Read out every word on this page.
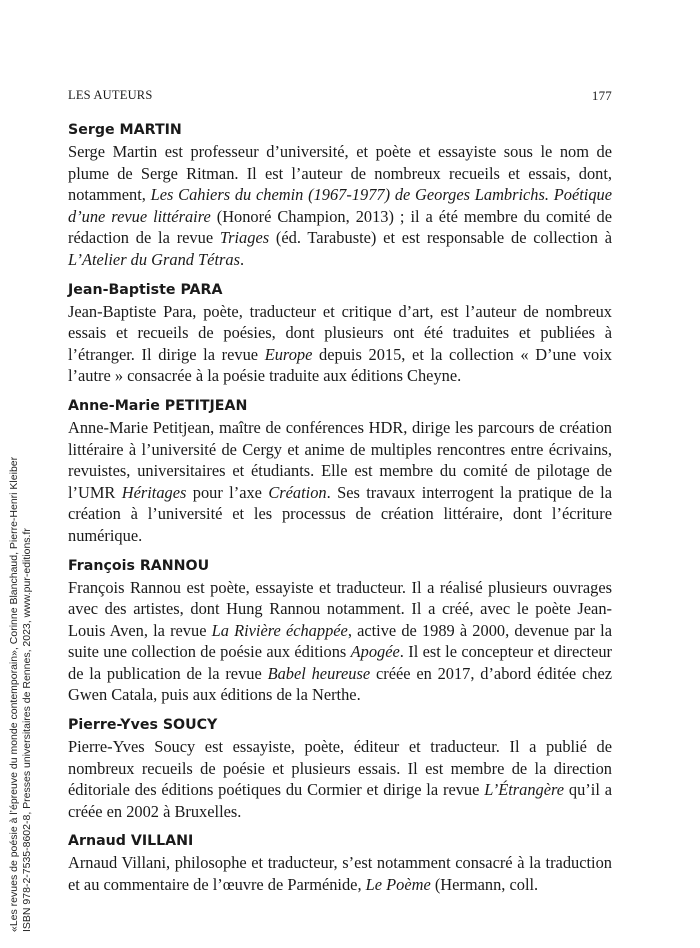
LES AUTEURS	177
Serge MARTIN
Serge Martin est professeur d’université, et poète et essayiste sous le nom de plume de Serge Ritman. Il est l’auteur de nombreux recueils et essais, dont, notamment, Les Cahiers du chemin (1967-1977) de Georges Lambrichs. Poétique d’une revue littéraire (Honoré Champion, 2013) ; il a été membre du comité de rédaction de la revue Triages (éd. Tarabuste) et est responsable de collection à L’Atelier du Grand Tétras.
Jean-Baptiste PARA
Jean-Baptiste Para, poète, traducteur et critique d’art, est l’auteur de nombreux essais et recueils de poésies, dont plusieurs ont été traduites et publiées à l’étranger. Il dirige la revue Europe depuis 2015, et la collection « D’une voix l’autre » consacrée à la poésie traduite aux éditions Cheyne.
Anne-Marie PETITJEAN
Anne-Marie Petitjean, maître de conférences HDR, dirige les parcours de création littéraire à l’université de Cergy et anime de multiples rencontres entre écrivains, revuistes, universitaires et étudiants. Elle est membre du comité de pilotage de l’UMR Héritages pour l’axe Création. Ses travaux interrogent la pratique de la création à l’université et les processus de création littéraire, dont l’écriture numérique.
François RANNOU
François Rannou est poète, essayiste et traducteur. Il a réalisé plusieurs ouvrages avec des artistes, dont Hung Rannou notamment. Il a créé, avec le poète Jean-Louis Aven, la revue La Rivière échappée, active de 1989 à 2000, devenue par la suite une collection de poésie aux éditions Apogée. Il est le concepteur et directeur de la publication de la revue Babel heureuse créée en 2017, d’abord éditée chez Gwen Catala, puis aux éditions de la Nerthe.
Pierre-Yves SOUCY
Pierre-Yves Soucy est essayiste, poète, éditeur et traducteur. Il a publié de nombreux recueils de poésie et plusieurs essais. Il est membre de la direction éditoriale des éditions poétiques du Cormier et dirige la revue L’Étrangère qu’il a créée en 2002 à Bruxelles.
Arnaud VILLANI
Arnaud Villani, philosophe et traducteur, s’est notamment consacré à la traduction et au commentaire de l’œuvre de Parménide, Le Poème (Hermann, coll.
«Les revues de poésie à l’épreuve du monde contemporain», Corinne Blanchaud, Pierre-Henri Kleiber ISBN 978-2-7535-8602-8, Presses universitaires de Rennes, 2023, www.pur-editions.fr
